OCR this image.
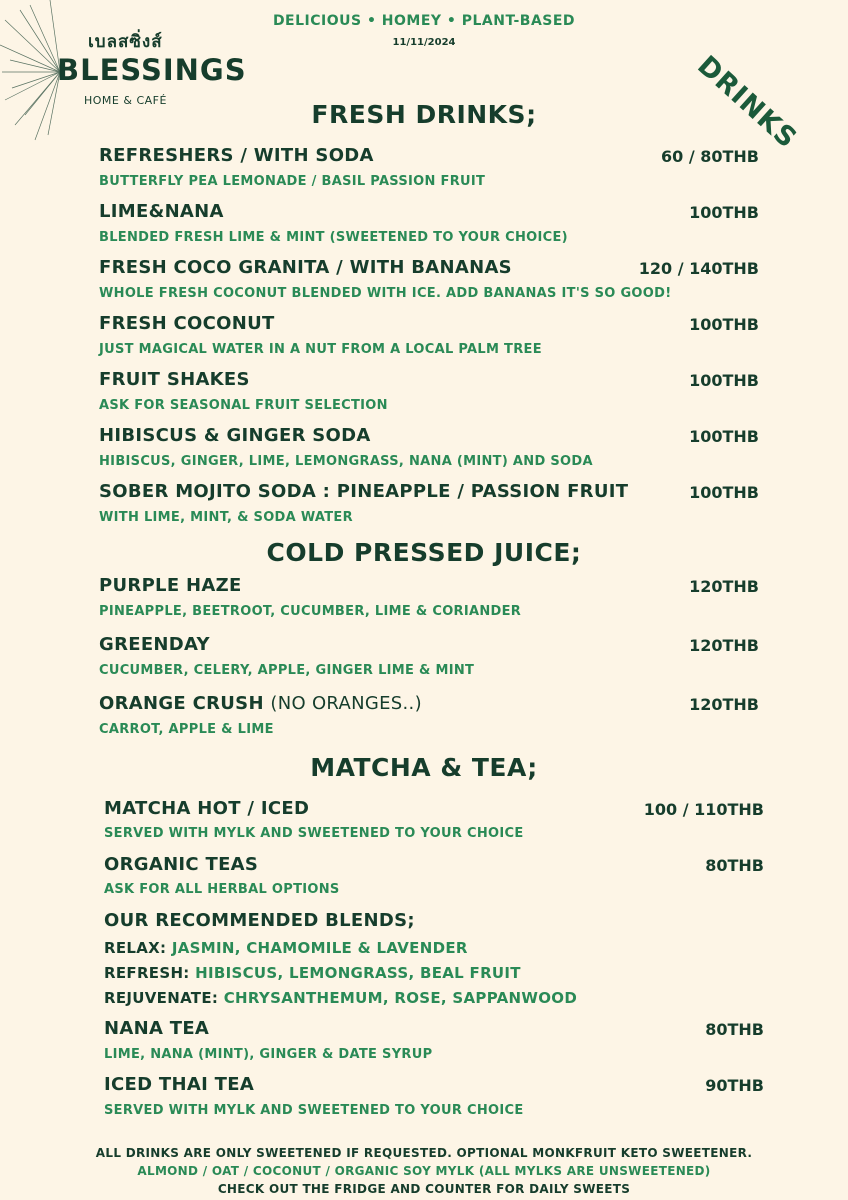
เบลสซิ่งส์
BLESSINGS
HOME & CAFÉ
DELICIOUS • HOMEY • PLANT-BASED
11/11/2024
DRINKS
FRESH DRINKS;
REFRESHERS / WITH SODA
BUTTERFLY PEA LEMONADE / BASIL PASSION FRUIT
60 / 80THB
LIME&NANA
BLENDED FRESH LIME & MINT (SWEETENED TO YOUR CHOICE)
100THB
FRESH COCO GRANITA / WITH BANANAS
WHOLE FRESH COCONUT BLENDED WITH ICE. ADD BANANAS IT'S SO GOOD!
120 / 140THB
FRESH COCONUT
JUST MAGICAL WATER IN A NUT FROM A LOCAL PALM TREE
100THB
FRUIT SHAKES
ASK FOR SEASONAL FRUIT SELECTION
100THB
HIBISCUS & GINGER SODA
HIBISCUS, GINGER, LIME, LEMONGRASS, NANA (MINT) AND SODA
100THB
SOBER MOJITO SODA : PINEAPPLE / PASSION FRUIT
WITH LIME, MINT, & SODA WATER
100THB
COLD PRESSED JUICE;
PURPLE HAZE
PINEAPPLE, BEETROOT, CUCUMBER, LIME & CORIANDER
120THB
GREENDAY
CUCUMBER, CELERY, APPLE, GINGER LIME & MINT
120THB
ORANGE CRUSH (NO ORANGES..)
CARROT, APPLE & LIME
120THB
MATCHA & TEA;
MATCHA HOT / ICED
SERVED WITH MYLK AND SWEETENED TO YOUR CHOICE
100 / 110THB
ORGANIC TEAS
ASK FOR ALL HERBAL OPTIONS
80THB
OUR RECOMMENDED BLENDS;
RELAX: JASMIN, CHAMOMILE & LAVENDER
REFRESH: HIBISCUS, LEMONGRASS, BEAL FRUIT
REJUVENATE: CHRYSANTHEMUM, ROSE, SAPPANWOOD
NANA TEA
LIME, NANA (MINT), GINGER & DATE SYRUP
80THB
ICED THAI TEA
SERVED WITH MYLK AND SWEETENED TO YOUR CHOICE
90THB
ALL DRINKS ARE ONLY SWEETENED IF REQUESTED. OPTIONAL MONKFRUIT KETO SWEETENER.
ALMOND / OAT / COCONUT / ORGANIC SOY MYLK (ALL MYLKS ARE UNSWEETENED)
CHECK OUT THE FRIDGE AND COUNTER FOR DAILY SWEETS
